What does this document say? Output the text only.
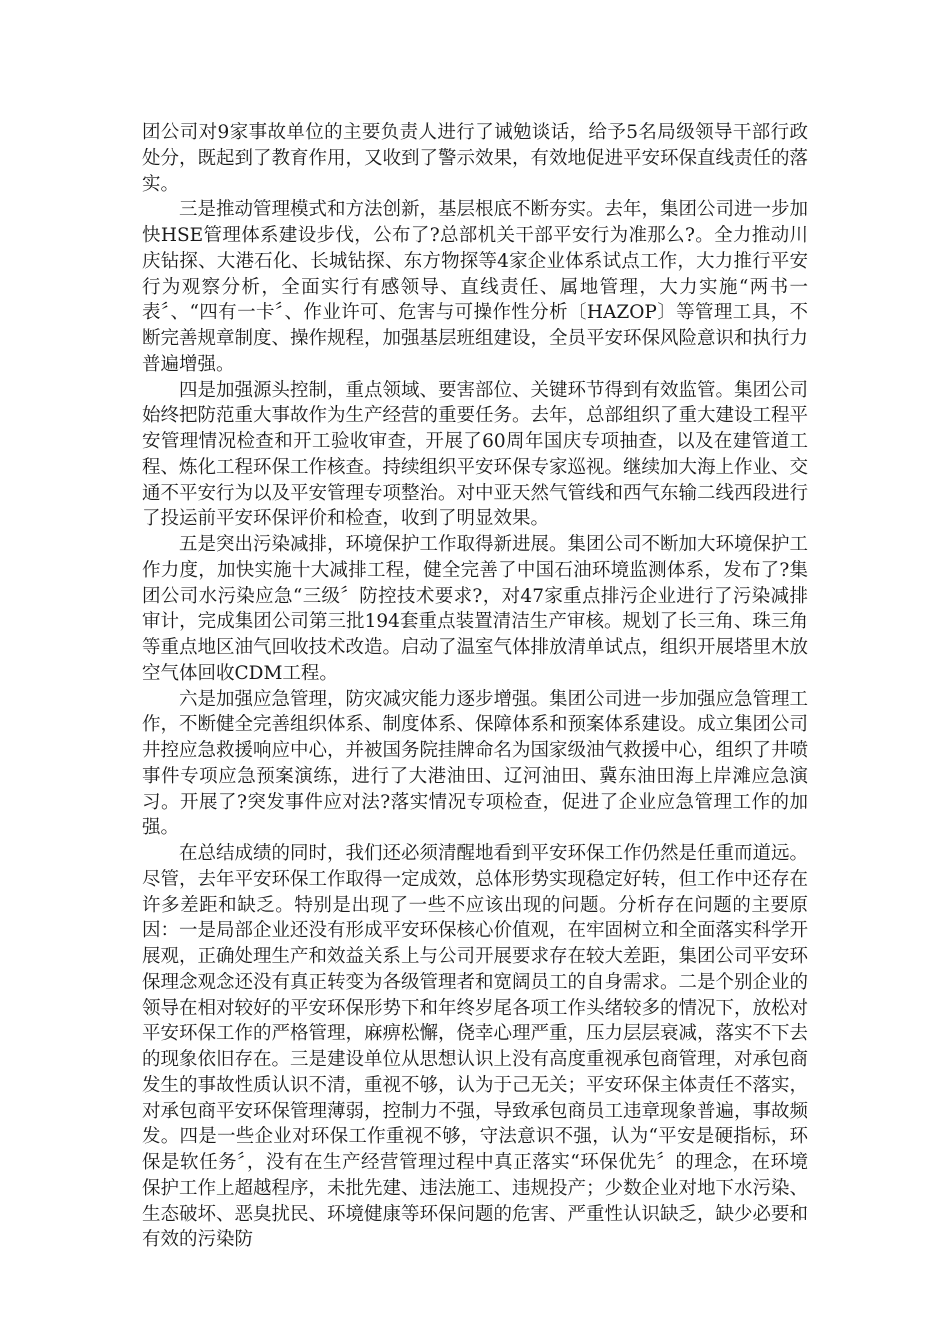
团公司对9家事故单位的主要负责人进行了诫勉谈话，给予5名局级领导干部行政处分，既起到了教育作用，又收到了警示效果，有效地促进平安环保直线责任的落实。

三是推动管理模式和方法创新，基层根底不断夯实。去年，集团公司进一步加快HSE管理体系建设步伐，公布了?总部机关干部平安行为准那么?。全力推动川庆钻探、大港石化、长城钻探、东方物探等4家企业体系试点工作，大力推行平安行为观察分析，全面实行有感领导、直线责任、属地管理，大力实施“两书一表〞、“四有一卡〞、作业许可、危害与可操作性分析〔HAZOP〕等管理工具，不断完善规章制度、操作规程，加强基层班组建设，全员平安环保风险意识和执行力普遍增强。

四是加强源头控制，重点领域、要害部位、关键环节得到有效监管。集团公司始终把防范重大事故作为生产经营的重要任务。去年，总部组织了重大建设工程平安管理情况检查和开工验收审查，开展了60周年国庆专项抽查，以及在建管道工程、炼化工程环保工作核查。持续组织平安环保专家巡视。继续加大海上作业、交通不平安行为以及平安管理专项整治。对中亚天然气管线和西气东输二线西段进行了投运前平安环保评价和检查，收到了明显效果。

五是突出污染减排，环境保护工作取得新进展。集团公司不断加大环境保护工作力度，加快实施十大减排工程，健全完善了中国石油环境监测体系，发布了?集团公司水污染应急“三级〞防控技术要求?，对47家重点排污企业进行了污染减排审计，完成集团公司第三批194套重点装置清洁生产审核。规划了长三角、珠三角等重点地区油气回收技术改造。启动了温室气体排放清单试点，组织开展塔里木放空气体回收CDM工程。

六是加强应急管理，防灾减灾能力逐步增强。集团公司进一步加强应急管理工作，不断健全完善组织体系、制度体系、保障体系和预案体系建设。成立集团公司井控应急救援响应中心，并被国务院挂牌命名为国家级油气救援中心，组织了井喷事件专项应急预案演练，进行了大港油田、辽河油田、冀东油田海上岸滩应急演习。开展了?突发事件应对法?落实情况专项检查，促进了企业应急管理工作的加强。

在总结成绩的同时，我们还必须清醒地看到平安环保工作仍然是任重而道远。尽管，去年平安环保工作取得一定成效，总体形势实现稳定好转，但工作中还存在许多差距和缺乏。特别是出现了一些不应该出现的问题。分析存在问题的主要原因：一是局部企业还没有形成平安环保核心价值观，在牢固树立和全面落实科学开展观，正确处理生产和效益关系上与公司开展要求存在较大差距，集团公司平安环保理念观念还没有真正转变为各级管理者和宽阔员工的自身需求。二是个别企业的领导在相对较好的平安环保形势下和年终岁尾各项工作头绪较多的情况下，放松对平安环保工作的严格管理，麻痹松懈，侥幸心理严重，压力层层衰减，落实不下去的现象依旧存在。三是建设单位从思想认识上没有高度重视承包商管理，对承包商发生的事故性质认识不清，重视不够，认为于己无关；平安环保主体责任不落实，对承包商平安环保管理薄弱，控制力不强，导致承包商员工违章现象普遍，事故频发。四是一些企业对环保工作重视不够，守法意识不强，认为“平安是硬指标，环保是软任务〞，没有在生产经营管理过程中真正落实“环保优先〞的理念，在环境保护工作上超越程序，未批先建、违法施工、违规投产；少数企业对地下水污染、生态破坏、恶臭扰民、环境健康等环保问题的危害、严重性认识缺乏，缺少必要和有效的污染防
